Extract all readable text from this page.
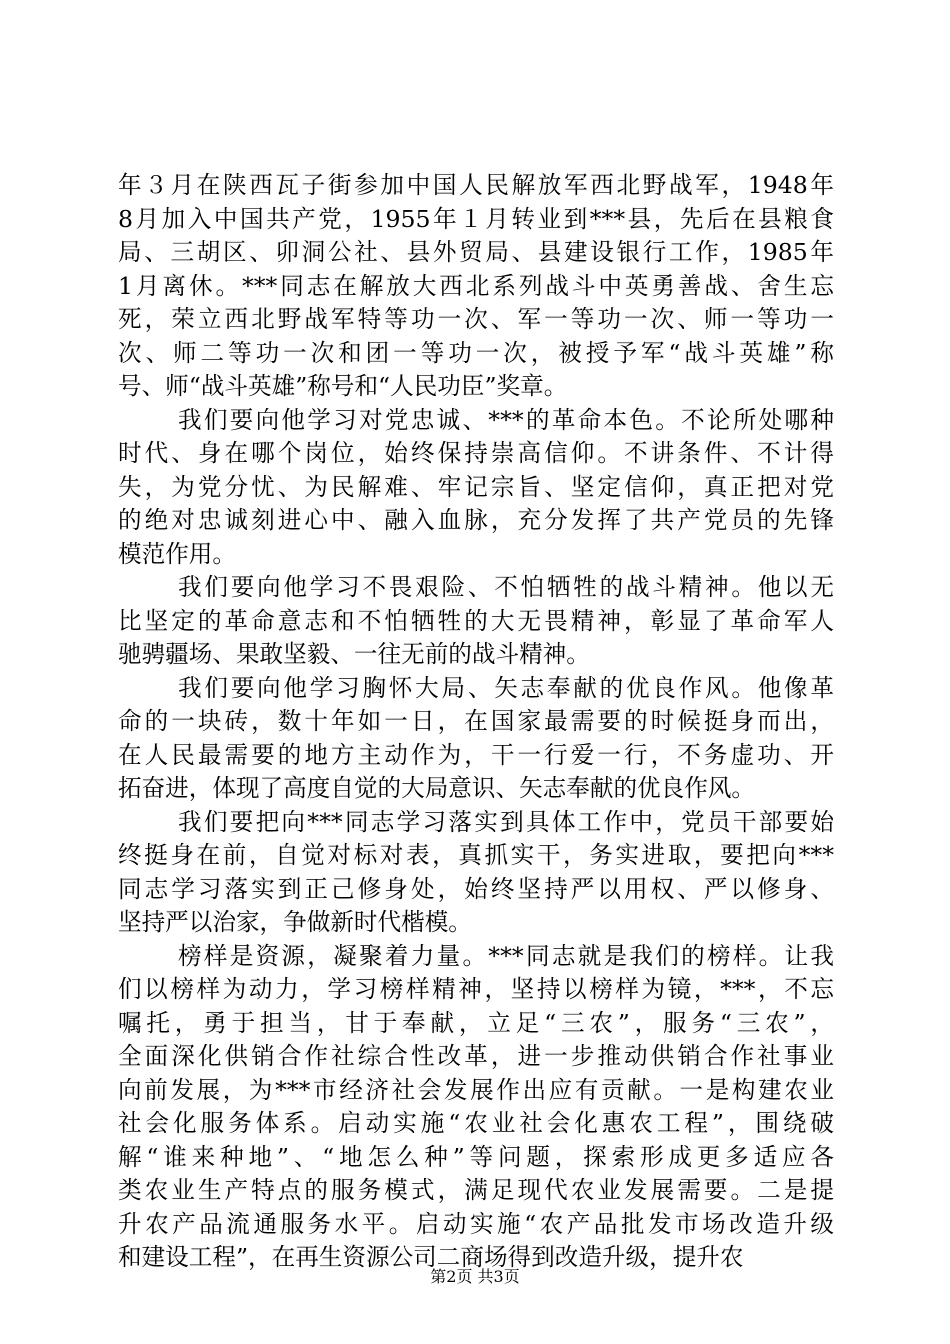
年３月在陕西瓦子街参加中国人民解放军西北野战军，1948年
8月加入中国共产党，1955年１月转业到***县，先后在县粮食
局、三胡区、卯洞公社、县外贸局、县建设银行工作，1985年
1月离休。***同志在解放大西北系列战斗中英勇善战、舍生忘
死，荣立西北野战军特等功一次、军一等功一次、师一等功一
次、师二等功一次和团一等功一次，被授予军“战斗英雄”称
号、师“战斗英雄”称号和“人民功臣”奖章。
我们要向他学习对党忠诚、***的革命本色。不论所处哪种
时代、身在哪个岗位，始终保持崇高信仰。不讲条件、不计得
失，为党分忧、为民解难、牢记宗旨、坚定信仰，真正把对党
的绝对忠诚刻进心中、融入血脉，充分发挥了共产党员的先锋
模范作用。
我们要向他学习不畏艰险、不怕牺牲的战斗精神。他以无
比坚定的革命意志和不怕牺牲的大无畏精神，彰显了革命军人
驰骋疆场、果敢坚毅、一往无前的战斗精神。
我们要向他学习胸怀大局、矢志奉献的优良作风。他像革
命的一块砖，数十年如一日，在国家最需要的时候挺身而出，
在人民最需要的地方主动作为，干一行爱一行，不务虚功、开
拓奋进，体现了高度自觉的大局意识、矢志奉献的优良作风。
我们要把向***同志学习落实到具体工作中，党员干部要始
终挺身在前，自觉对标对表，真抓实干，务实进取，要把向***
同志学习落实到正己修身处，始终坚持严以用权、严以修身、
坚持严以治家，争做新时代楷模。
榜样是资源，凝聚着力量。***同志就是我们的榜样。让我
们以榜样为动力，学习榜样精神，坚持以榜样为镜，***，不忘
嘱托，勇于担当，甘于奉献，立足“三农”，服务“三农”，
全面深化供销合作社综合性改革，进一步推动供销合作社事业
向前发展，为***市经济社会发展作出应有贡献。一是构建农业
社会化服务体系。启动实施“农业社会化惠农工程”，围绕破
解“谁来种地”、“地怎么种”等问题，探索形成更多适应各
类农业生产特点的服务模式，满足现代农业发展需要。二是提
升农产品流通服务水平。启动实施“农产品批发市场改造升级
和建设工程”，在再生资源公司二商场得到改造升级，提升农
第2页 共3页
